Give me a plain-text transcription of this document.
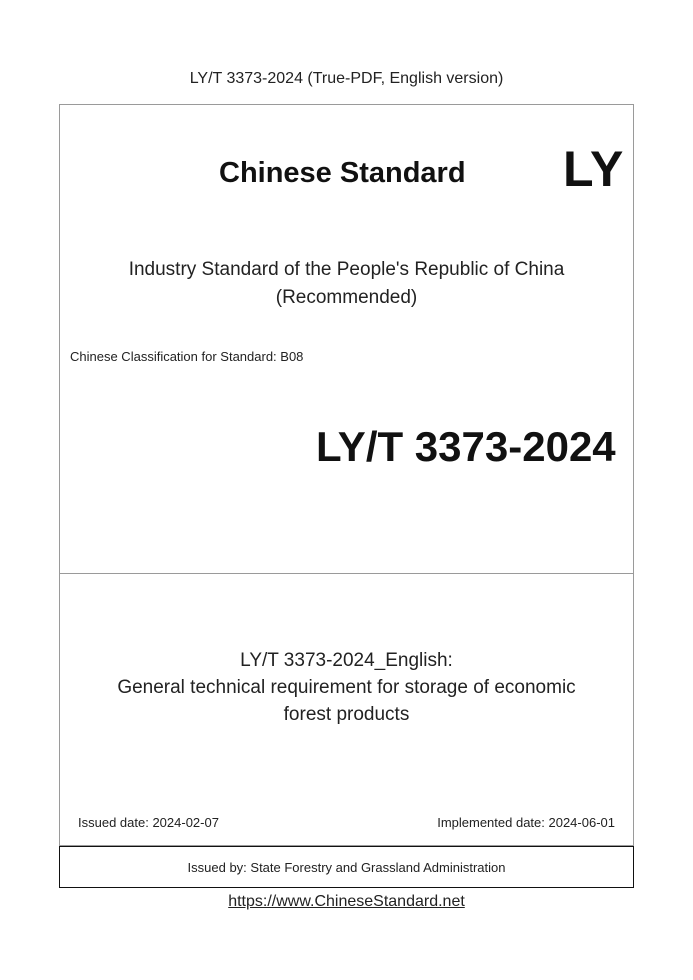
LY/T 3373-2024 (True-PDF, English version)
Chinese Standard LY
Industry Standard of the People's Republic of China
(Recommended)
Chinese Classification for Standard: B08
LY/T 3373-2024
LY/T 3373-2024_English:
General technical requirement for storage of economic
forest products
Issued date: 2024-02-07	Implemented date: 2024-06-01
Issued by: State Forestry and Grassland Administration
https://www.ChineseStandard.net
